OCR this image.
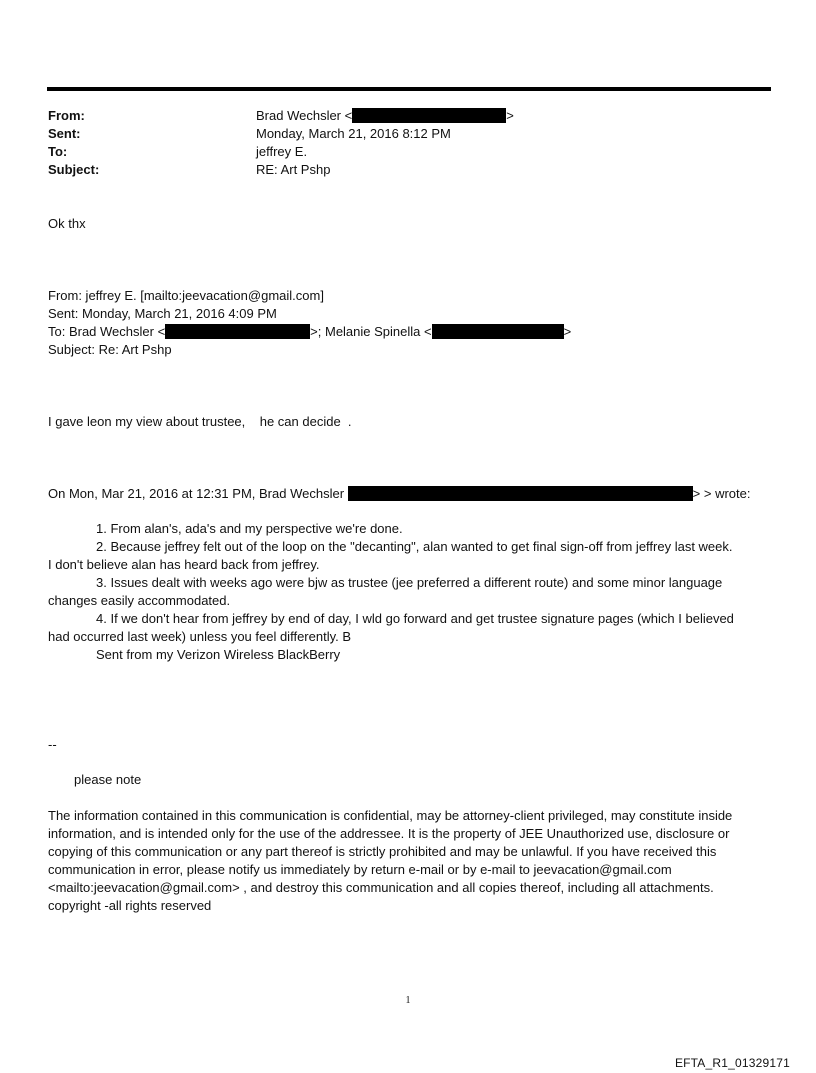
From:	Brad Wechsler <	>
Sent:	Monday, March 21, 2016 8:12 PM
To:	jeffrey E.
Subject:	RE: Art Pshp
Ok thx
From: jeffrey E. [mailto:jeevacation@gmail.com]
Sent: Monday, March 21, 2016 4:09 PM
To: Brad Wechsler <	>; Melanie Spinella <	>
Subject: Re: Art Pshp
I gave leon my view about trustee,    he can decide  .
On Mon, Mar 21, 2016 at 12:31 PM, Brad Wechsler	> > wrote:
1. From alan's, ada's and my perspective we're done.
2. Because jeffrey felt out of the loop on the "decanting", alan wanted to get final sign-off from jeffrey last week.
I don't believe alan has heard back from jeffrey.
3. Issues dealt with weeks ago were bjw as trustee (jee preferred a different route) and some minor language
changes easily accommodated.
4. If we don't hear from jeffrey by end of day, I wld go forward and get trustee signature pages (which I believed
had occurred last week) unless you feel differently. B
Sent from my Verizon Wireless BlackBerry
--
please note
The information contained in this communication is confidential, may be attorney-client privileged, may constitute inside information, and is intended only for the use of the addressee. It is the property of JEE Unauthorized use, disclosure or copying of this communication or any part thereof is strictly prohibited and may be unlawful. If you have received this communication in error, please notify us immediately by return e-mail or by e-mail to jeevacation@gmail.com <mailto:jeevacation@gmail.com> , and destroy this communication and all copies thereof, including all attachments. copyright -all rights reserved
1
EFTA_R1_01329171
